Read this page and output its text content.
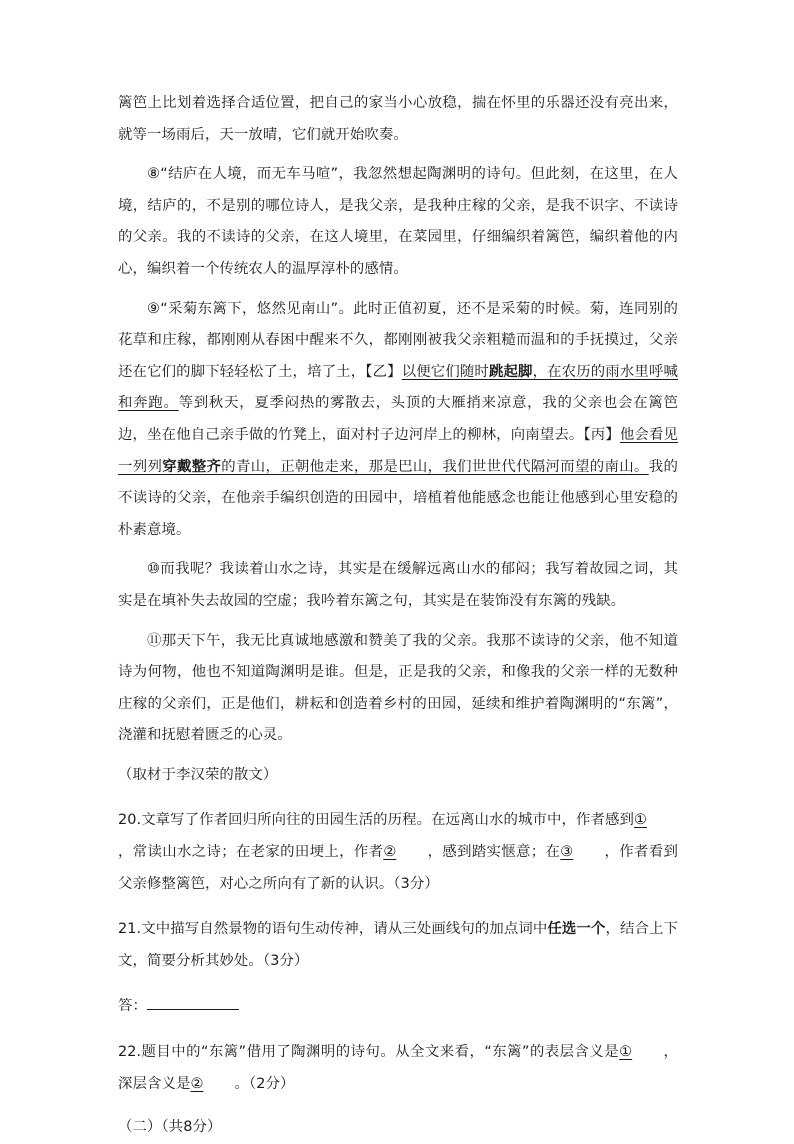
篱笆上比划着选择合适位置，把自己的家当小心放稳，揣在怀里的乐器还没有亮出来，就等一场雨后，天一放晴，它们就开始吹奏。

⑧“结庐在人境，而无车马喧”，我忽然想起陶渊明的诗句。但此刻，在这里，在人境，结庐的，不是别的哪位诗人，是我父亲，是我种庄稼的父亲，是我不识字、不读诗的父亲。我的不读诗的父亲，在这人境里，在菜园里，仔细编织着篱笆，编织着他的内心，编织着一个传统农人的温厚淳朴的感情。

⑨“采菊东篱下，悠然见南山”。此时正值初夏，还不是采菊的时候。菊，连同别的花草和庄稼，都刚刚从春困中醒来不久，都刚刚被我父亲粗糙而温和的手抚摸过，父亲还在它们的脚下轻轻松了土，培了土，【乙】以便它们随时跳起脚，在农历的雨水里呼喊和奔跑。等到秋天，夏季闷热的雾散去，头顶的大雁捎来凉意，我的父亲也会在篱笆边，坐在他自己亲手做的竹凳上，面对村子边河岸上的柳林，向南望去。【丙】他会看见一列列穿戴整齐的青山，正朝他走来，那是巴山，我们世世代代隔河而望的南山。我的不读诗的父亲，在他亲手编织创造的田园中，培植着他能感念也能让他感到心里安稳的朴素意境。

⑩而我呢？我读着山水之诗，其实是在缓解远离山水的郁闷；我写着故园之词，其实是在填补失去故园的空虚；我吟着东篱之句，其实是在装饰没有东篱的残缺。

⑪那天下午，我无比真诚地感激和赞美了我的父亲。我那不读诗的父亲，他不知道诗为何物，他也不知道陶渊明是谁。但是，正是我的父亲，和像我的父亲一样的无数种庄稼的父亲们，正是他们，耕耘和创造着乡村的田园，延续和维护着陶渊明的“东篱”，浇灌和抚慰着匮乏的心灵。

（取材于李汉荣的散文）

20.文章写了作者回归所向往的田园生活的历程。在远离山水的城市中，作者感到①，常读山水之诗；在老家的田埂上，作者② ，感到踏实惬意；在③ ，作者看到父亲修整篱笆，对心之所向有了新的认识。（3分）

21.文中描写自然景物的语句生动传神，请从三处画线句的加点词中任选一个，结合上下文，简要分析其妙处。（3分）

答：

22.题目中的“东篱”借用了陶渊明的诗句。从全文来看，“东篱”的表层含义是① ，深层含义是② 。（2分）

（二）（共8分）
